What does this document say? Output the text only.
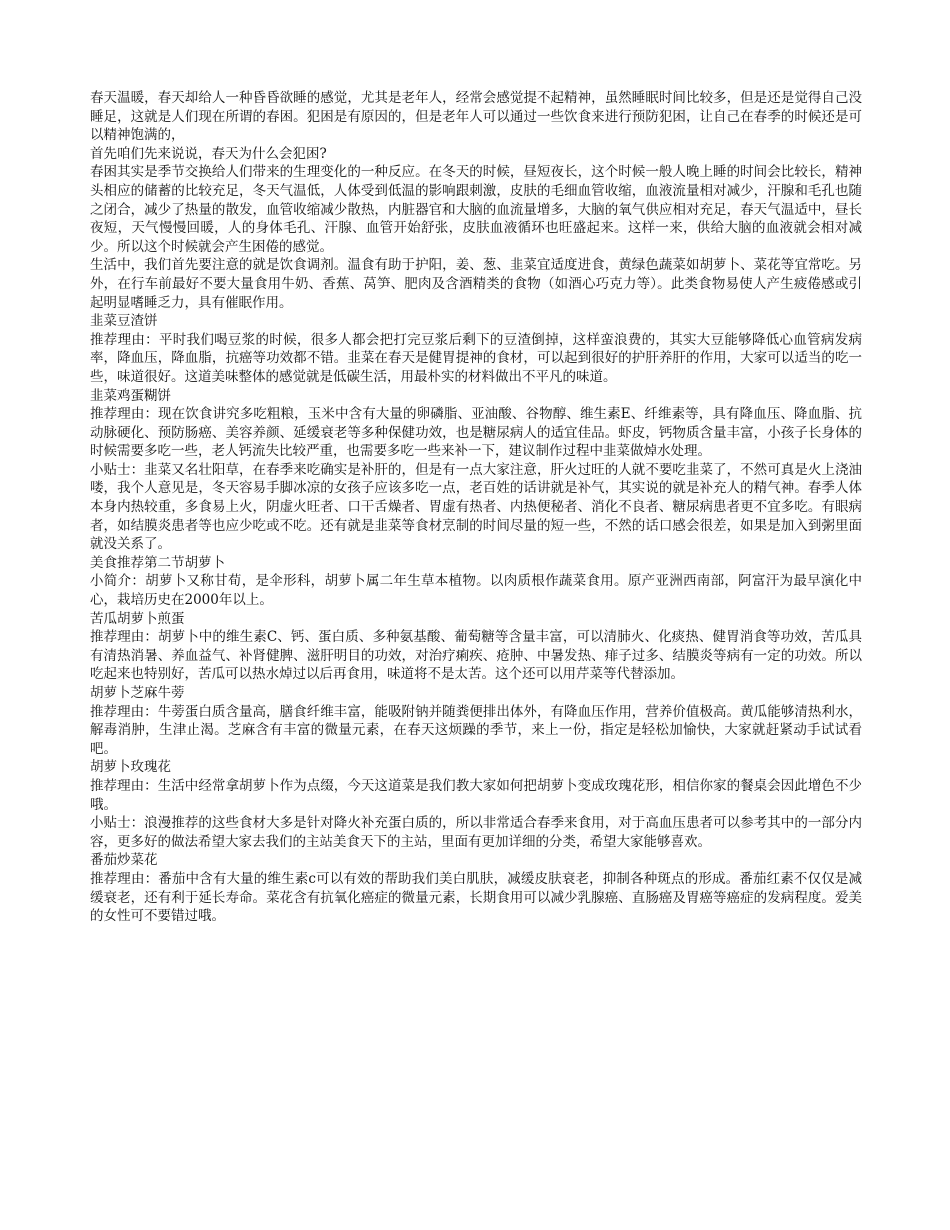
春天温暖，春天却给人一种昏昏欲睡的感觉，尤其是老年人，经常会感觉提不起精神，虽然睡眠时间比较多，但是还是觉得自己没睡足，这就是人们现在所谓的春困。犯困是有原因的，但是老年人可以通过一些饮食来进行预防犯困，让自己在春季的时候还是可以精神饱满的，

首先咱们先来说说，春天为什么会犯困?

春困其实是季节交换给人们带来的生理变化的一种反应。在冬天的时候，昼短夜长，这个时候一般人晚上睡的时间会比较长，精神头相应的储蓄的比较充足，冬天气温低，人体受到低温的影响跟刺激，皮肤的毛细血管收缩，血液流量相对减少，汗腺和毛孔也随之闭合，减少了热量的散发，血管收缩减少散热，内脏器官和大脑的血流量增多，大脑的氧气供应相对充足，春天气温适中，昼长夜短，天气慢慢回暖，人的身体毛孔、汗腺、血管开始舒张，皮肤血液循环也旺盛起来。这样一来，供给大脑的血液就会相对减少。所以这个时候就会产生困倦的感觉。

生活中，我们首先要注意的就是饮食调剂。温食有助于护阳，姜、葱、韭菜宜适度进食，黄绿色蔬菜如胡萝卜、菜花等宜常吃。另外，在行车前最好不要大量食用牛奶、香蕉、莴笋、肥肉及含酒精类的食物（如酒心巧克力等）。此类食物易使人产生疲倦感或引起明显嗜睡乏力，具有催眠作用。

韭菜豆渣饼

推荐理由：平时我们喝豆浆的时候，很多人都会把打完豆浆后剩下的豆渣倒掉，这样蛮浪费的，其实大豆能够降低心血管病发病率，降血压，降血脂，抗癌等功效都不错。韭菜在春天是健胃提神的食材，可以起到很好的护肝养肝的作用，大家可以适当的吃一些，味道很好。这道美味整体的感觉就是低碳生活，用最朴实的材料做出不平凡的味道。

韭菜鸡蛋糊饼

推荐理由：现在饮食讲究多吃粗粮，玉米中含有大量的卵磷脂、亚油酸、谷物醇、维生素E、纤维素等，具有降血压、降血脂、抗动脉硬化、预防肠癌、美容养颜、延缓衰老等多种保健功效，也是糖尿病人的适宜佳品。虾皮，钙物质含量丰富，小孩子长身体的时候需要多吃一些，老人钙流失比较严重，也需要多吃一些来补一下，建议制作过程中韭菜做焯水处理。

小贴士：韭菜又名壮阳草，在春季来吃确实是补肝的，但是有一点大家注意，肝火过旺的人就不要吃韭菜了，不然可真是火上浇油喽，我个人意见是，冬天容易手脚冰凉的女孩子应该多吃一点，老百姓的话讲就是补气，其实说的就是补充人的精气神。春季人体本身内热较重，多食易上火，阴虚火旺者、口干舌燥者、胃虚有热者、内热便秘者、消化不良者、糖尿病患者更不宜多吃。有眼病者，如结膜炎患者等也应少吃或不吃。还有就是韭菜等食材烹制的时间尽量的短一些，不然的话口感会很差，如果是加入到粥里面就没关系了。

美食推荐第二节胡萝卜

小简介：胡萝卜又称甘荀，是伞形科，胡萝卜属二年生草本植物。以肉质根作蔬菜食用。原产亚洲西南部，阿富汗为最早演化中心，栽培历史在2000年以上。

苦瓜胡萝卜煎蛋

推荐理由：胡萝卜中的维生素C、钙、蛋白质、多种氨基酸、葡萄糖等含量丰富，可以清肺火、化痰热、健胃消食等功效，苦瓜具有清热消暑、养血益气、补肾健脾、滋肝明目的功效，对治疗痢疾、疮肿、中暑发热、痱子过多、结膜炎等病有一定的功效。所以吃起来也特别好，苦瓜可以热水焯过以后再食用，味道将不是太苦。这个还可以用芹菜等代替添加。

胡萝卜芝麻牛蒡

推荐理由：牛蒡蛋白质含量高，膳食纤维丰富，能吸附钠并随粪便排出体外，有降血压作用，营养价值极高。黄瓜能够清热利水，解毒消肿，生津止渴。芝麻含有丰富的微量元素，在春天这烦躁的季节，来上一份，指定是轻松加愉快，大家就赶紧动手试试看吧。

胡萝卜玫瑰花

推荐理由：生活中经常拿胡萝卜作为点缀，今天这道菜是我们教大家如何把胡萝卜变成玫瑰花形，相信你家的餐桌会因此增色不少哦。

小贴士：浪漫推荐的这些食材大多是针对降火补充蛋白质的，所以非常适合春季来食用，对于高血压患者可以参考其中的一部分内容，更多好的做法希望大家去我们的主站美食天下的主站，里面有更加详细的分类，希望大家能够喜欢。

番茄炒菜花

推荐理由：番茄中含有大量的维生素c可以有效的帮助我们美白肌肤，减缓皮肤衰老，抑制各种斑点的形成。番茄红素不仅仅是减缓衰老，还有利于延长寿命。菜花含有抗氧化癌症的微量元素，长期食用可以减少乳腺癌、直肠癌及胃癌等癌症的发病程度。爱美的女性可不要错过哦。
